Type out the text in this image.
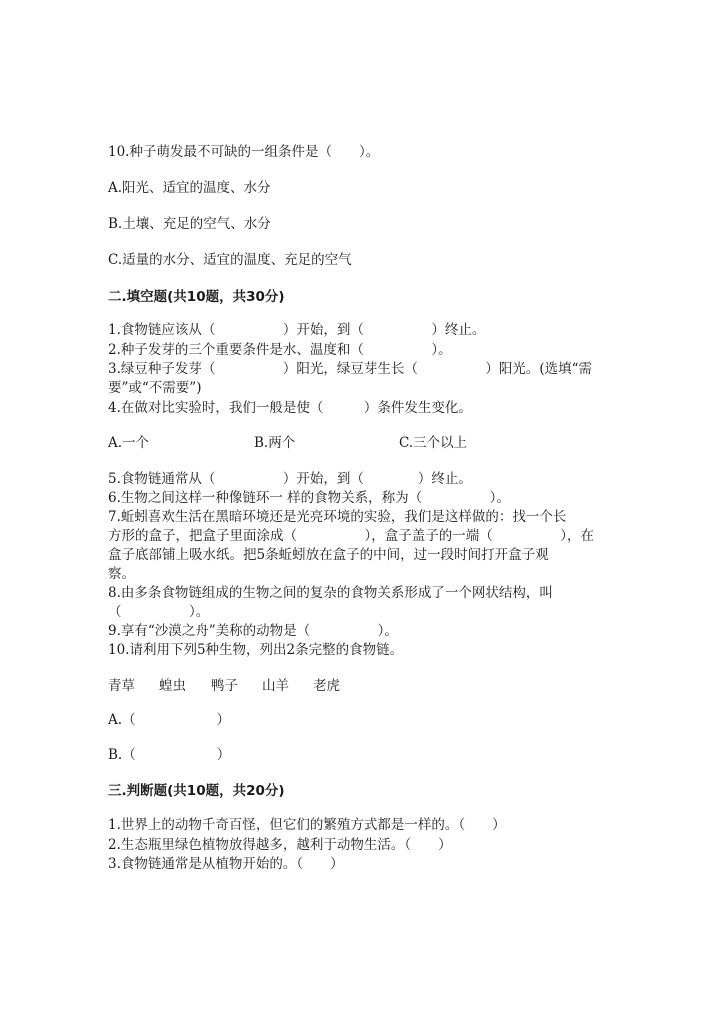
10.种子萌发最不可缺的一组条件是（　　）。
A.阳光、适宜的温度、水分
B.土壤、充足的空气、水分
C.适量的水分、适宜的温度、充足的空气
二.填空题(共10题，共30分)
1.食物链应该从（　　　　　）开始，到（　　　　　）终止。
2.种子发芽的三个重要条件是水、温度和（　　　　　）。
3.绿豆种子发芽（　　　　　）阳光，绿豆芽生长（　　　　　）阳光。(选填“需
要”或“不需要”)
4.在做对比实验时，我们一般是使（　　　）条件发生变化。
A.一个	B.两个	C.三个以上
5.食物链通常从（　　　　　）开始，到（　　　　）终止。
6.生物之间这样一种像链环一 样的食物关系，称为（　　　　　）。
7.蚯蚓喜欢生活在黑暗环境还是光亮环境的实验，我们是这样做的：找一个长
方形的盒子，把盒子里面涂成（　　　　　），盒子盖子的一端（　　　　　），在
盒子底部铺上吸水纸。把5条蚯蚓放在盒子的中间，过一段时间打开盒子观
察。
8.由多条食物链组成的生物之间的复杂的食物关系形成了一个网状结构，叫
（　　　　　）。
9.享有“沙漠之舟”美称的动物是（　　　　　）。
10.请利用下列5种生物，列出2条完整的食物链。
青草 蝗虫 鸭子 山羊 老虎
A.（　　　　　　）
B.（　　　　　　）
三.判断题(共10题，共20分)
1.世界上的动物千奇百怪，但它们的繁殖方式都是一样的。（　　）
2.生态瓶里绿色植物放得越多，越利于动物生活。（　　）
3.食物链通常是从植物开始的。（　　）
